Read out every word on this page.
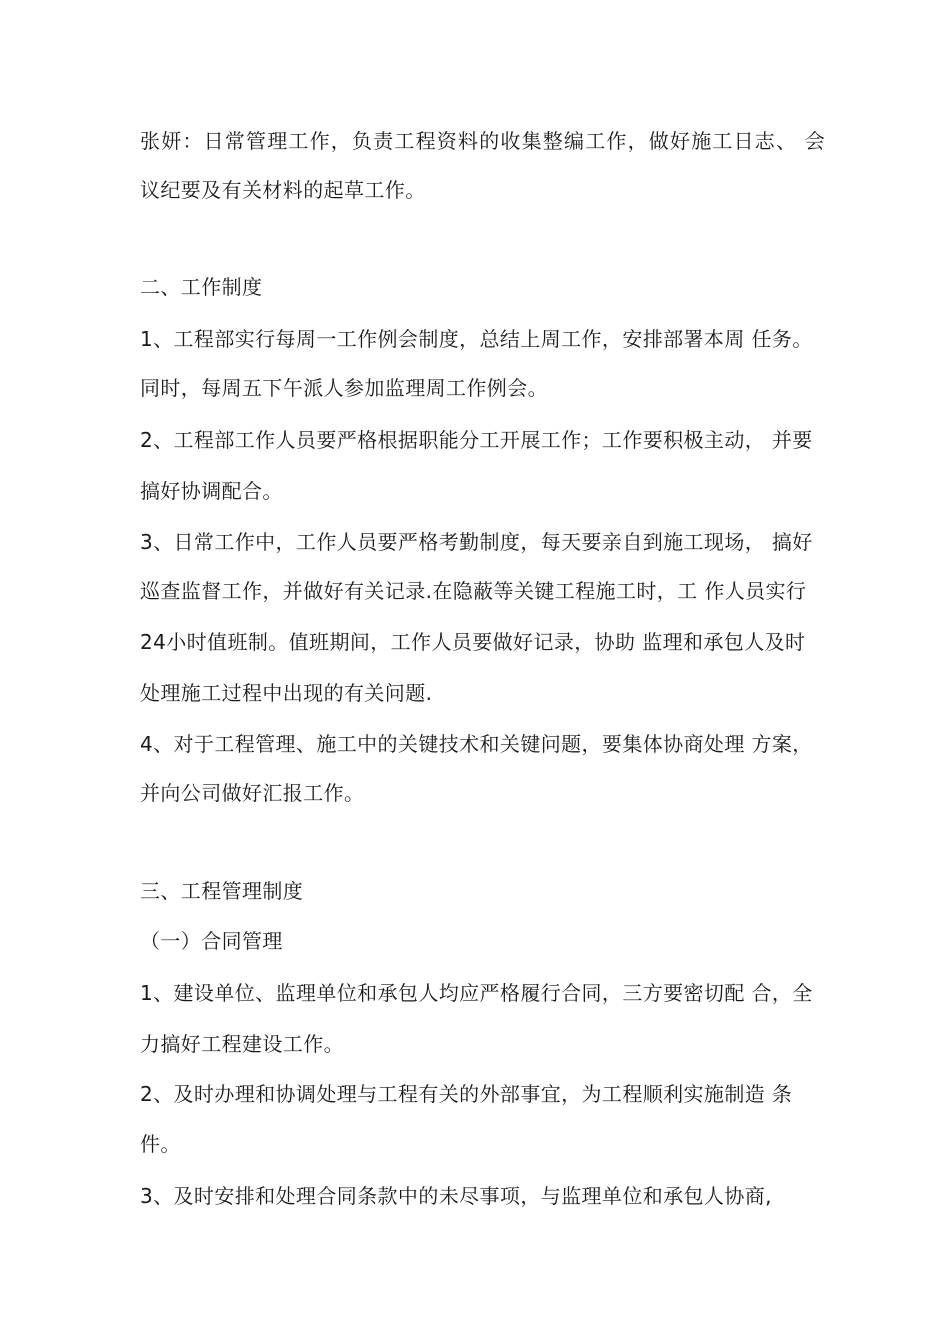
张妍：日常管理工作，负责工程资料的收集整编工作，做好施工日志、 会
议纪要及有关材料的起草工作。
二、工作制度
1、工程部实行每周一工作例会制度，总结上周工作，安排部署本周 任务。
同时，每周五下午派人参加监理周工作例会。
2、工程部工作人员要严格根据职能分工开展工作；工作要积极主动， 并要
搞好协调配合。
3、日常工作中，工作人员要严格考勤制度，每天要亲自到施工现场， 搞好
巡查监督工作，并做好有关记录.在隐蔽等关键工程施工时，工 作人员实行
24小时值班制。值班期间，工作人员要做好记录，协助 监理和承包人及时
处理施工过程中出现的有关问题.
4、对于工程管理、施工中的关键技术和关键问题，要集体协商处理 方案，
并向公司做好汇报工作。
三、工程管理制度
（一）合同管理
1、建设单位、监理单位和承包人均应严格履行合同，三方要密切配 合，全
力搞好工程建设工作。
2、及时办理和协调处理与工程有关的外部事宜，为工程顺利实施制造 条
件。
3、及时安排和处理合同条款中的未尽事项，与监理单位和承包人协商,
